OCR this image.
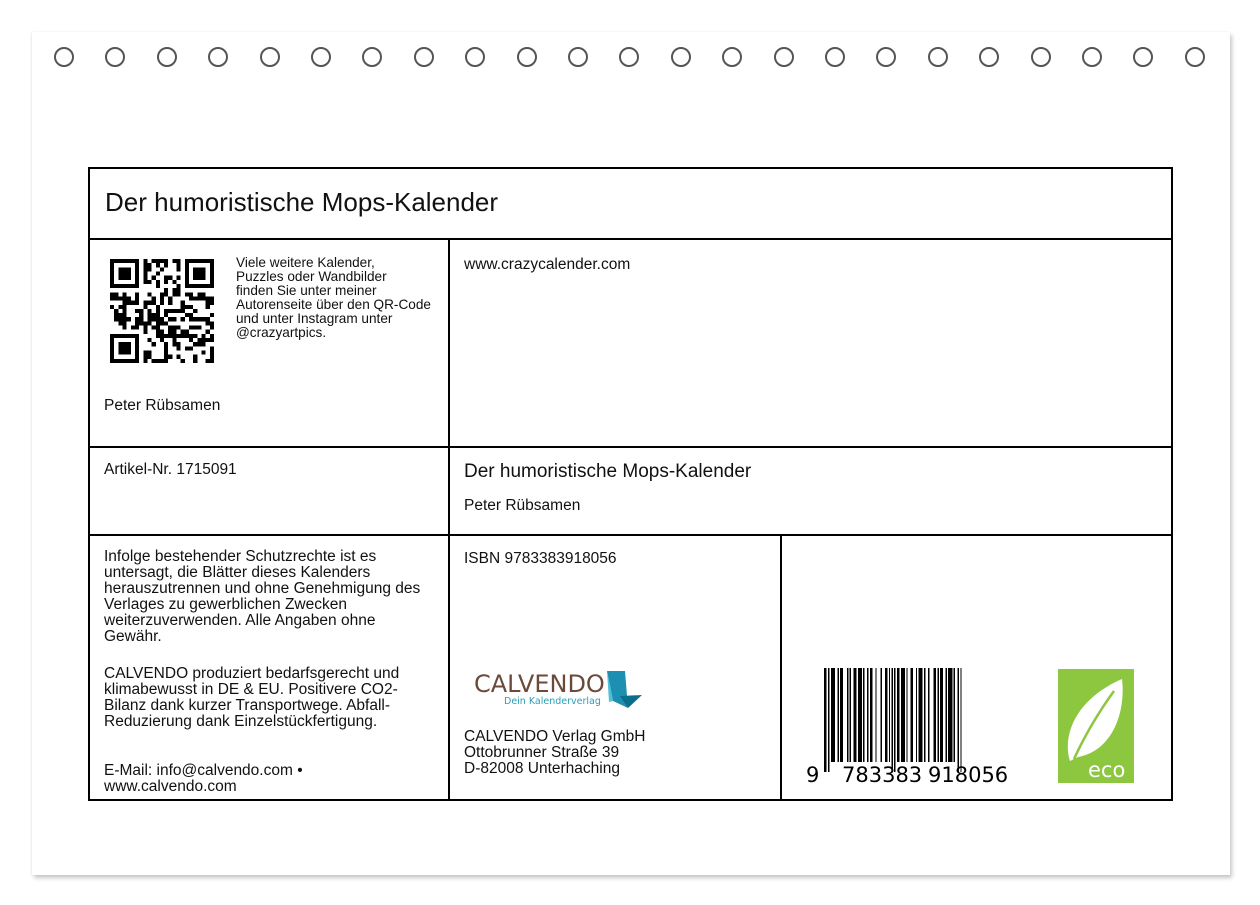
Der humoristische Mops-Kalender
Viele weitere Kalender,
Puzzles oder Wandbilder
finden Sie unter meiner
Autorenseite über den QR-Code
und unter Instagram unter
@crazyartpics.
Peter Rübsamen
www.crazycalender.com
Artikel-Nr. 1715091	Der humoristische Mops-Kalender
Peter Rübsamen
Infolge bestehender Schutzrechte ist es
untersagt, die Blätter dieses Kalenders
herauszutrennen und ohne Genehmigung des
Verlages zu gewerblichen Zwecken
weiterzuverwenden. Alle Angaben ohne
Gewähr.
CALVENDO produziert bedarfsgerecht und
klimabewusst in DE & EU. Positivere CO2-
Bilanz dank kurzer Transportwege. Abfall-
Reduzierung dank Einzelstückfertigung.
E-Mail: info@calvendo.com •
www.calvendo.com
ISBN 9783383918056
CALVENDO
Dein Kalenderverlag
CALVENDO Verlag GmbH
Ottobrunner Straße 39
D-82008 Unterhaching	9 783383 918056	eco
